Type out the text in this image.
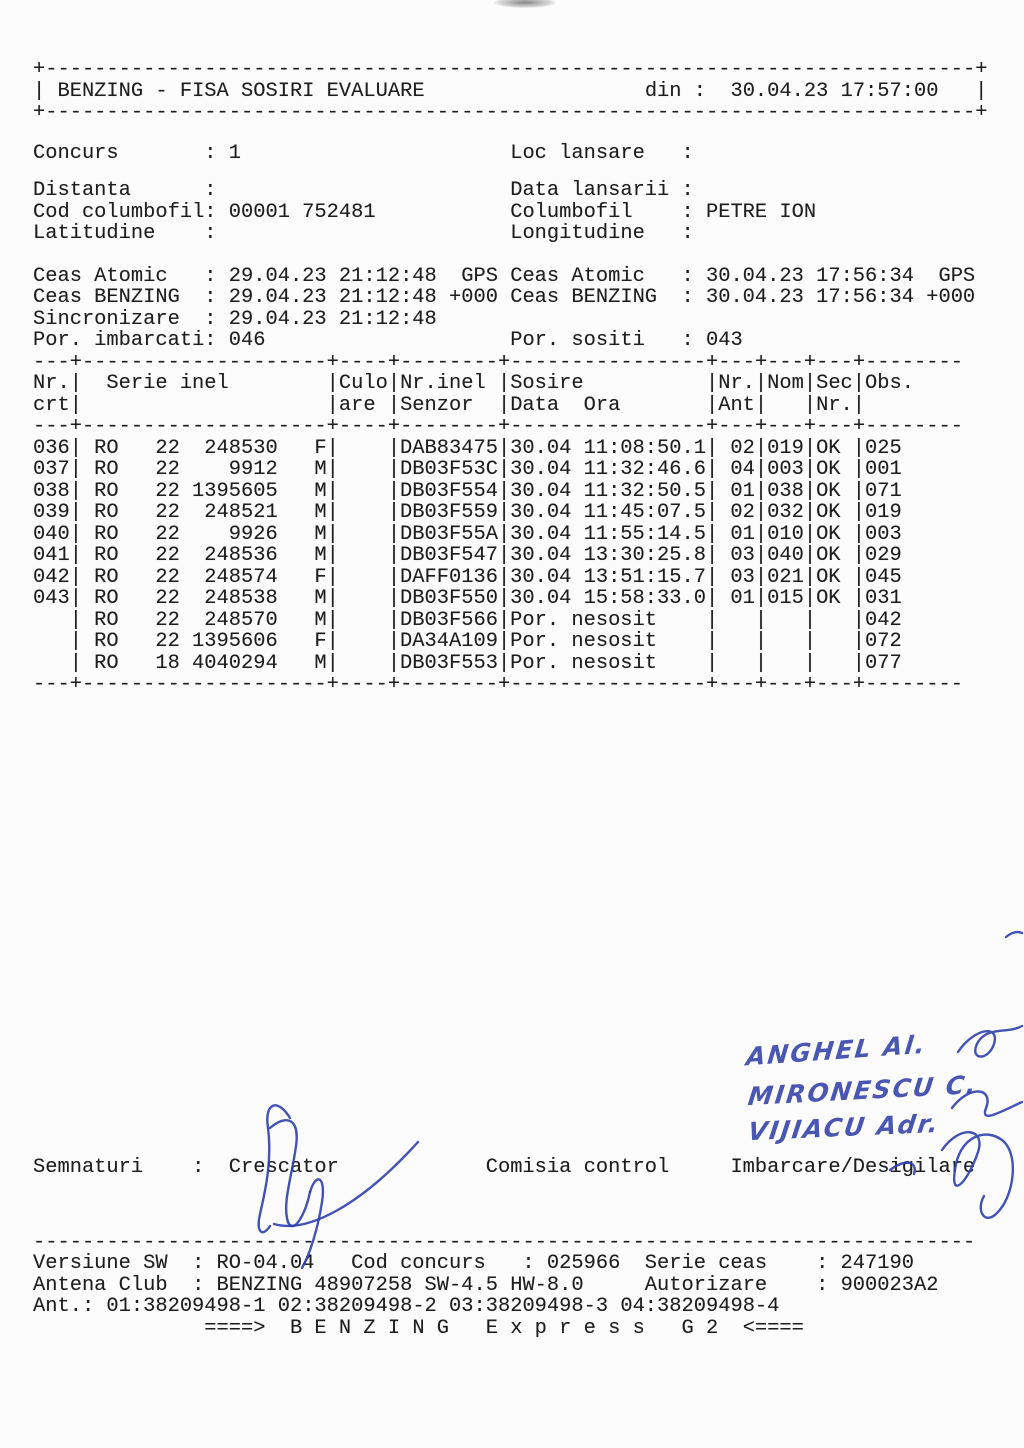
+----------------------------------------------------------------------------+
| BENZING - FISA SOSIRI EVALUARE	din : 30.04.23 17:57:00 |
+----------------------------------------------------------------------------+
Concurs	: 1	Loc lansare :
Distanta	:	Data lansarii :
Cod columbofil: 00001 752481	Columbofil : PETRE ION
Latitudine :	Longitudine :
Ceas Atomic : 29.04.23 21:12:48  GPS Ceas Atomic : 30.04.23 17:56:34  GPS
Ceas BENZING : 29.04.23 21:12:48 +000 Ceas BENZING : 30.04.23 17:56:34 +000
Sincronizare : 29.04.23 21:12:48
Por. imbarcati: 046	Por. sositi : 043
---+--------------------+----+--------+----------------+---+---+---+--------
Nr.| Serie inel	|Culo|Nr.inel |Sosire	|Nr.|Nom|Sec|Obs.
crt|	|are |Senzor |Data Ora	|Ant| |Nr.|
---+--------------------+----+--------+----------------+---+---+---+--------
036| RO 22 248530 F| |DAB83475|30.04 11:08:50.1| 02|019|OK |025
037| RO 22 9912 M| |DB03F53C|30.04 11:32:46.6| 04|003|OK |001
038| RO 22 1395605 M| |DB03F554|30.04 11:32:50.5| 01|038|OK |071
039| RO 22 248521 M| |DB03F559|30.04 11:45:07.5| 02|032|OK |019
040| RO 22 9926 M| |DB03F55A|30.04 11:55:14.5| 01|010|OK |003
041| RO 22 248536 M| |DB03F547|30.04 13:30:25.8| 03|040|OK |029
042| RO 22 248574 F| |DAFF0136|30.04 13:51:15.7| 03|021|OK |045
043| RO 22 248538 M| |DB03F550|30.04 15:58:33.0| 01|015|OK |031
| RO 22 248570 M| |DB03F566|Por. nesosit | | | |042
| RO 22 1395606 F| |DA34A109|Por. nesosit | | | |072
| RO 18 4040294 M| |DB03F553|Por. nesosit | | | |077
---+--------------------+----+--------+----------------+---+---+---+--------
Semnaturi : Crescator	Comisia control	Imbarcare/Desigilare
-----------------------------------------------------------------------------
Versiune SW : RO-04.04 Cod concurs : 025966 Serie ceas : 247190
Antena Club : BENZING 48907258 SW-4.5 HW-8.0	Autorizare : 900023A2
Ant.: 01:38209498-1 02:38209498-2 03:38209498-3 04:38209498-4
====>  B E N Z I N G   E x p r e s s   G 2  <====
ANGHEL Al.
MIRONESCU C.
VIJIACU Adr.
